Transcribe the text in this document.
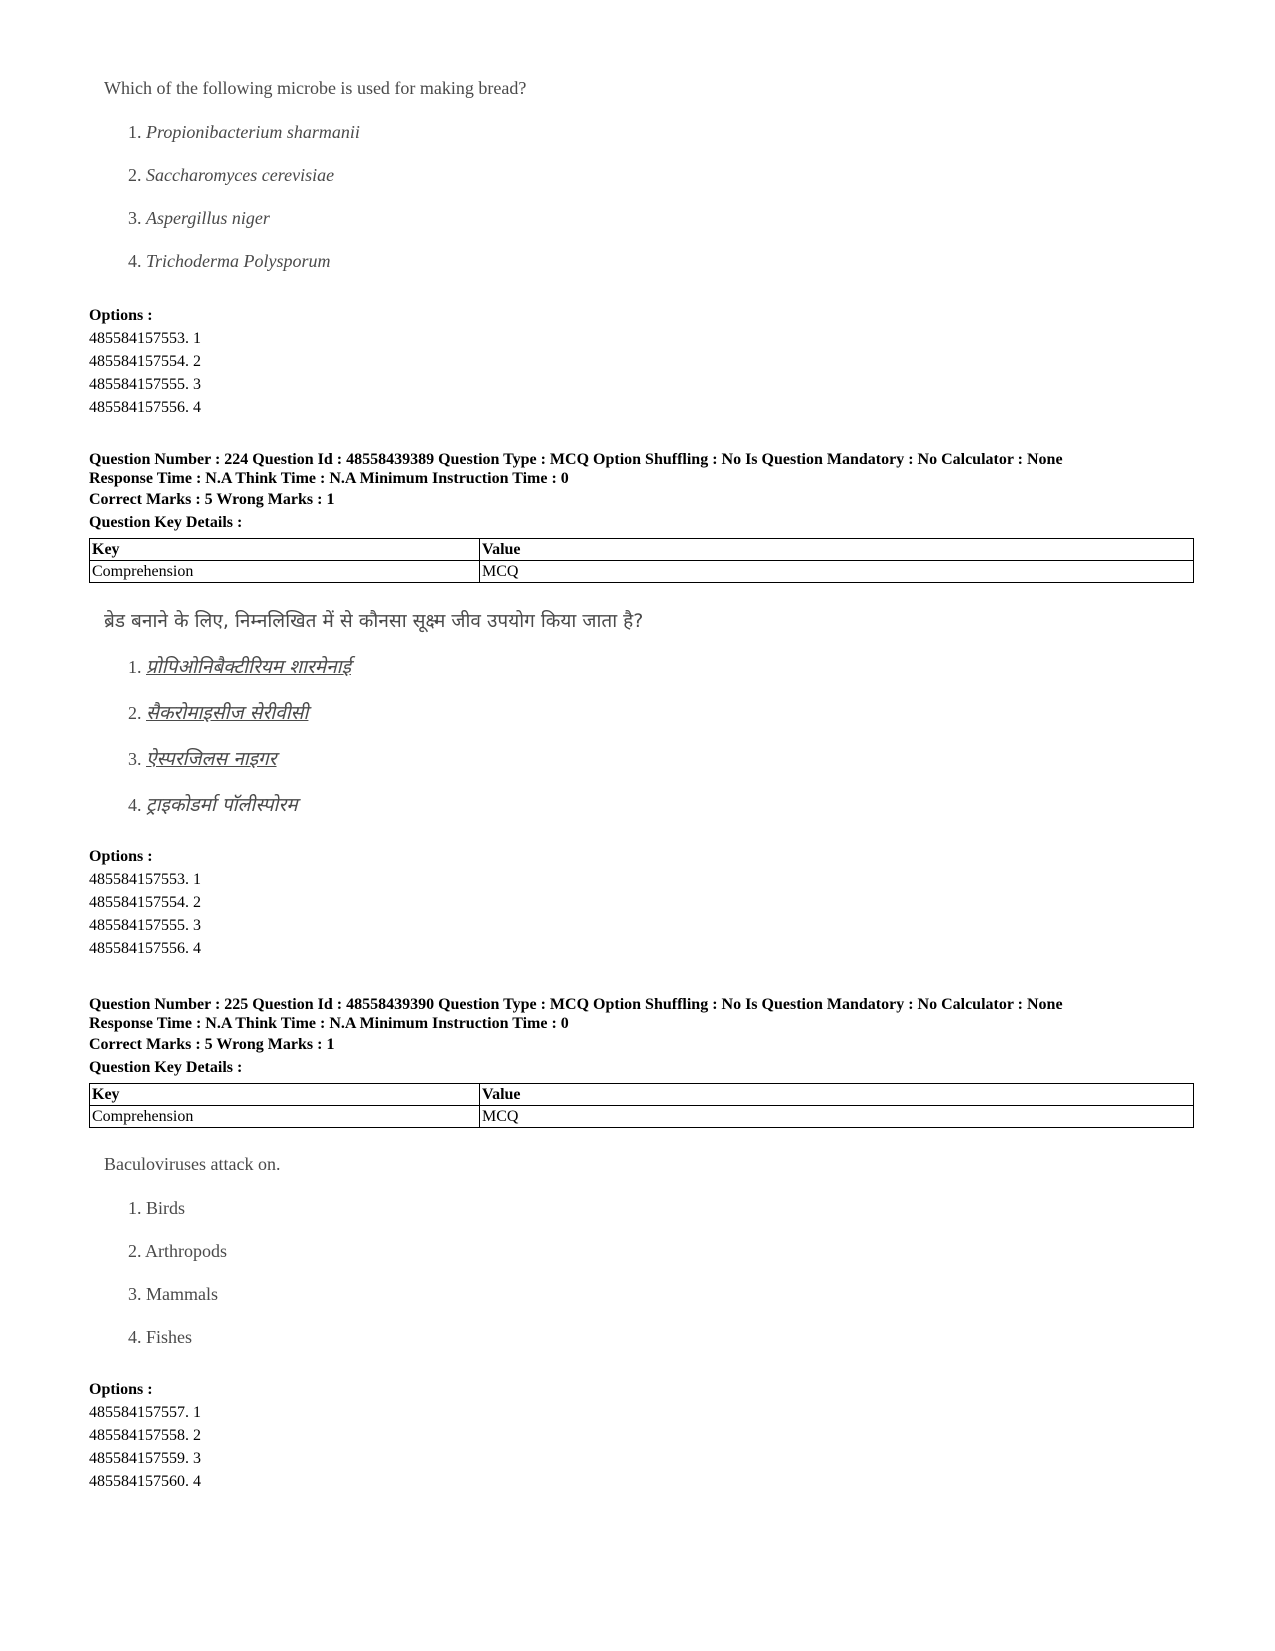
Which of the following microbe is used for making bread?
1. Propionibacterium sharmanii
2. Saccharomyces cerevisiae
3. Aspergillus niger
4. Trichoderma Polysporum
Options :
485584157553. 1
485584157554. 2
485584157555. 3
485584157556. 4
Question Number : 224 Question Id : 48558439389 Question Type : MCQ Option Shuffling : No Is Question Mandatory : No Calculator : None
Response Time : N.A Think Time : N.A Minimum Instruction Time : 0
Correct Marks : 5 Wrong Marks : 1
Question Key Details :
Key	Value
Comprehension	MCQ
ब्रेड बनाने के लिए, निम्नलिखित में से कौनसा सूक्ष्म जीव उपयोग किया जाता है?
1. प्रोपिओनिबैक्टीरियम शारमेनाई
2. सैकरोमाइसीज सेरीवीसी
3. ऐस्परजिलस नाइगर
4. ट्राइकोडर्मा पॉलीस्पोरम
Options :
485584157553. 1
485584157554. 2
485584157555. 3
485584157556. 4
Question Number : 225 Question Id : 48558439390 Question Type : MCQ Option Shuffling : No Is Question Mandatory : No Calculator : None
Response Time : N.A Think Time : N.A Minimum Instruction Time : 0
Correct Marks : 5 Wrong Marks : 1
Question Key Details :
Key	Value
Comprehension	MCQ
Baculoviruses attack on.
1. Birds
2. Arthropods
3. Mammals
4. Fishes
Options :
485584157557. 1
485584157558. 2
485584157559. 3
485584157560. 4
